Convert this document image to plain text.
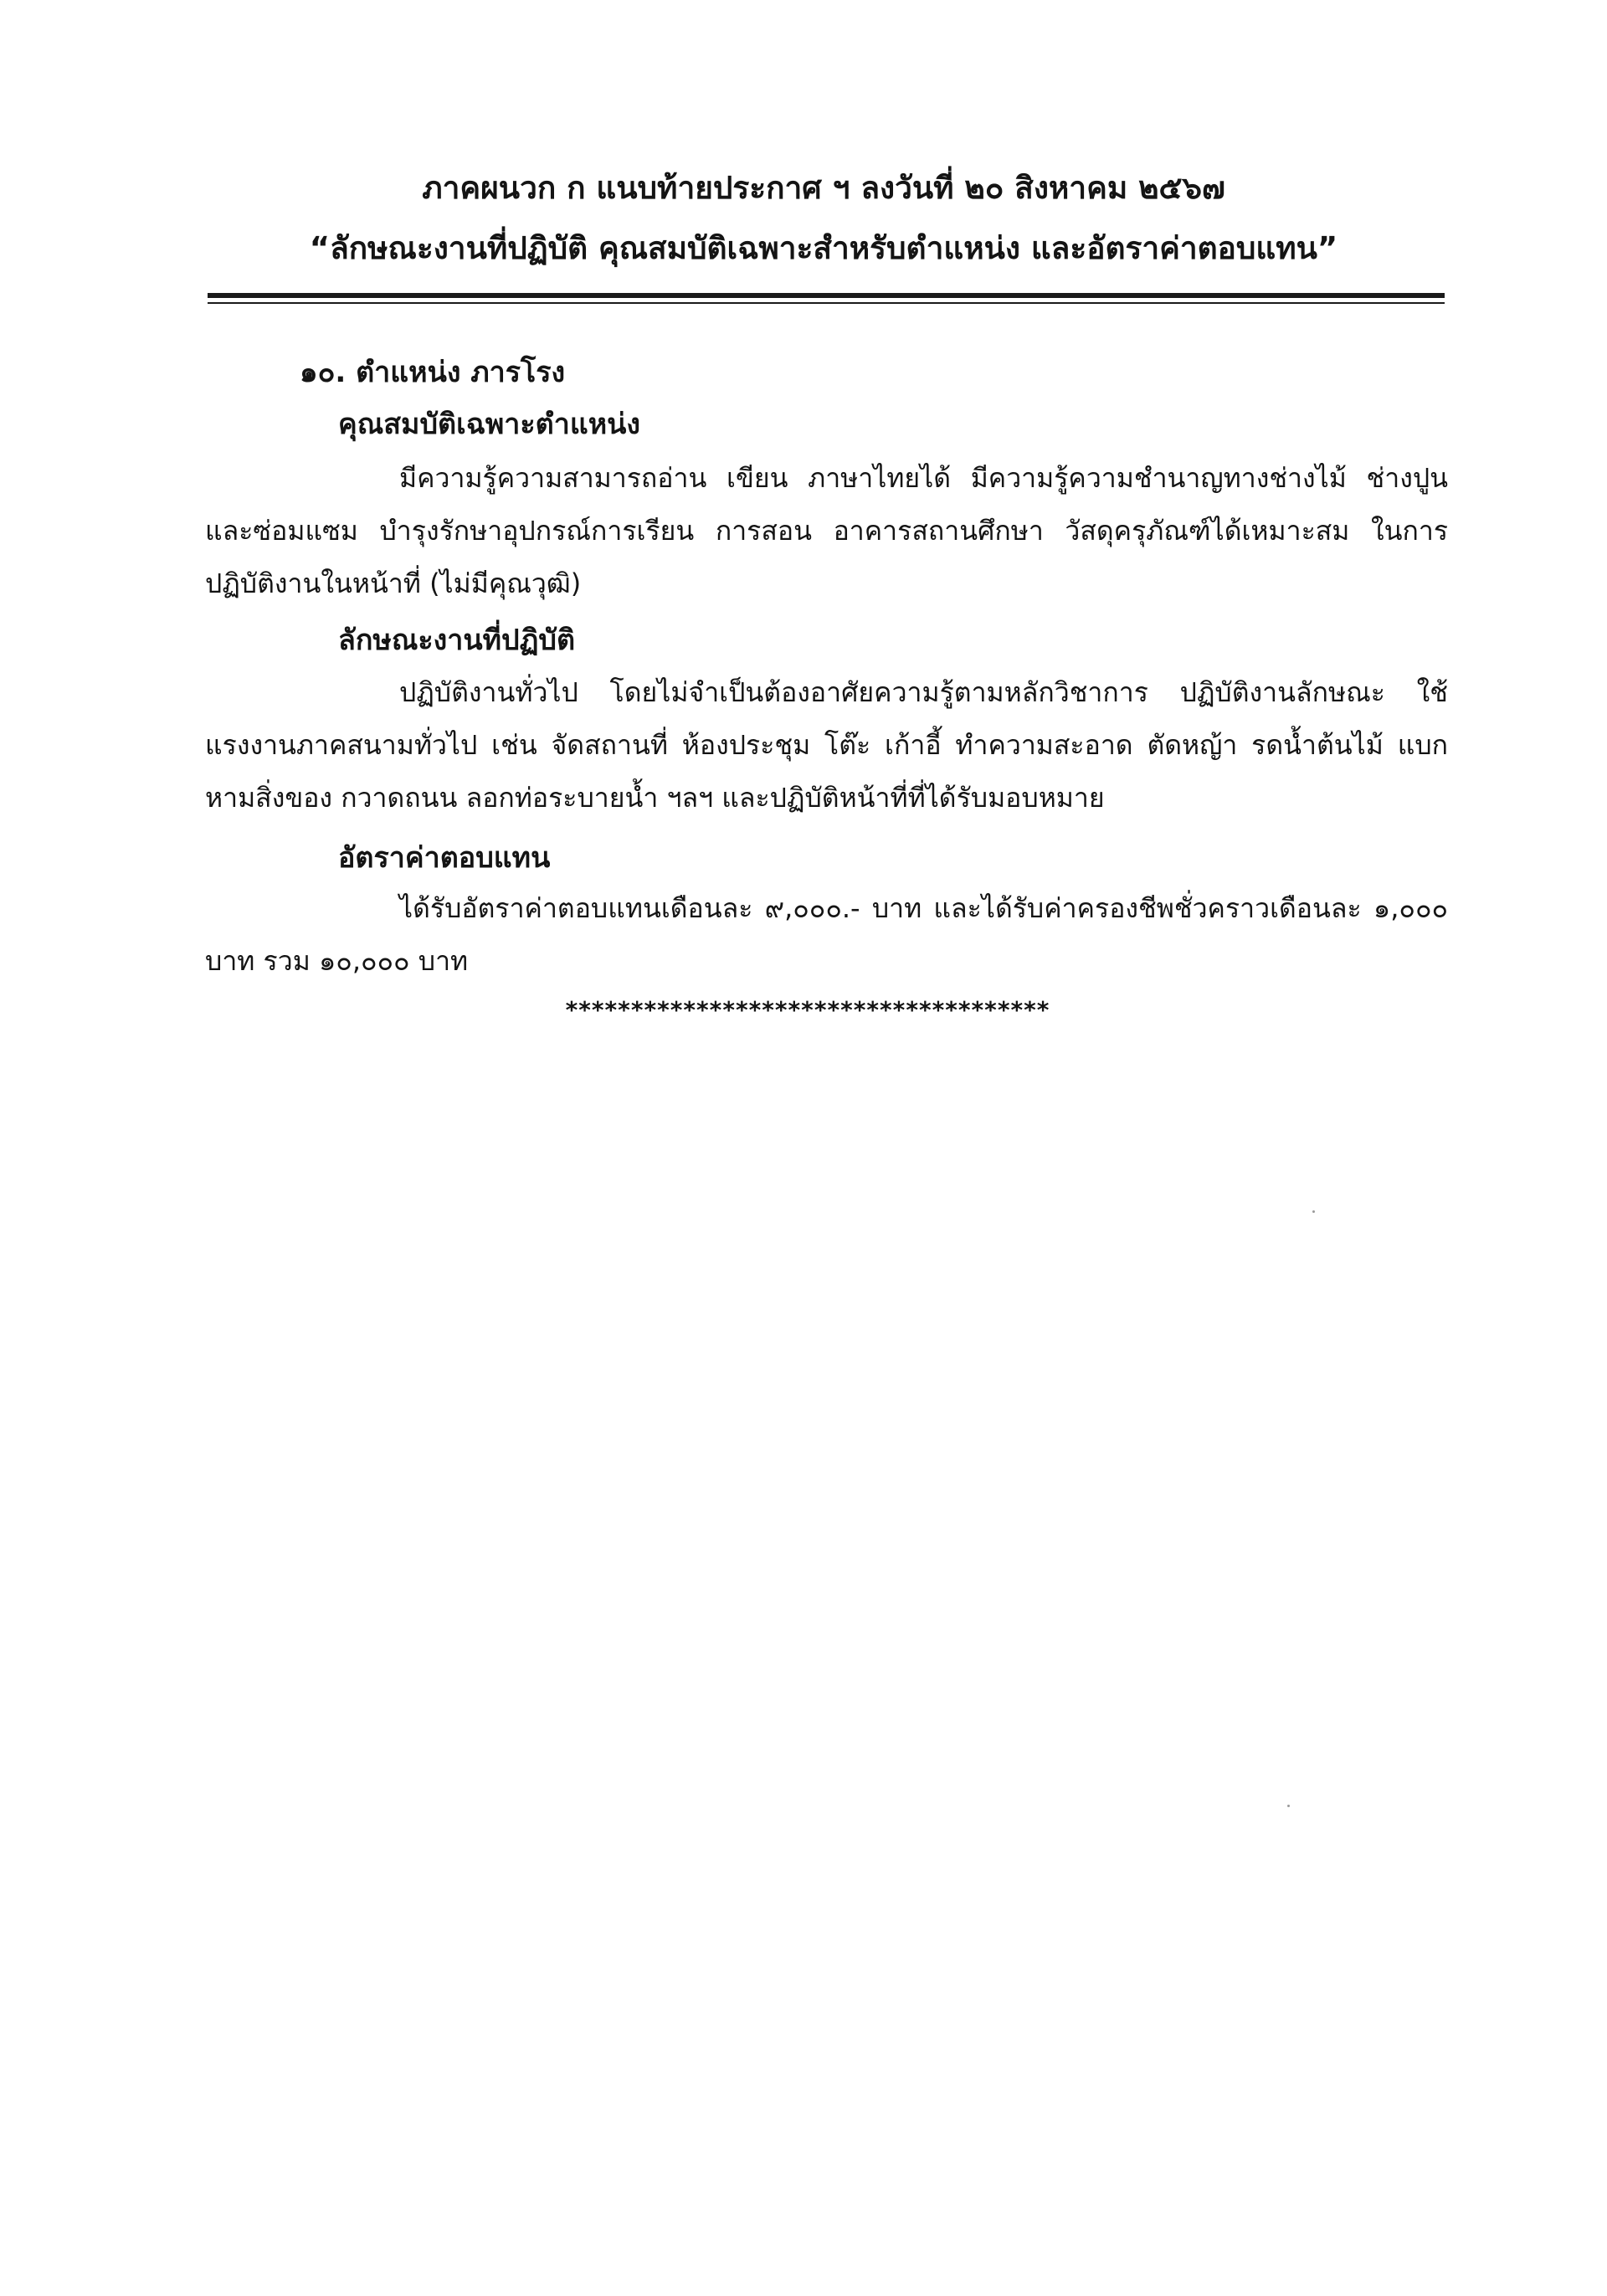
ภาคผนวก ก แนบท้ายประกาศ ฯ ลงวันที่ ๒๐ สิงหาคม ๒๕๖๗
“ลักษณะงานที่ปฏิบัติ คุณสมบัติเฉพาะสำหรับตำแหน่ง และอัตราค่าตอบแทน”
๑๐. ตำแหน่ง ภารโรง
คุณสมบัติเฉพาะตำแหน่ง
มีความรู้ความสามารถอ่าน เขียน ภาษาไทยได้ มีความรู้ความชำนาญทางช่างไม้ ช่างปูน และซ่อมแซม บำรุงรักษาอุปกรณ์การเรียน การสอน อาคารสถานศึกษา วัสดุครุภัณฑ์ได้เหมาะสม ในการปฏิบัติงานในหน้าที่ (ไม่มีคุณวุฒิ)
ลักษณะงานที่ปฏิบัติ
ปฏิบัติงานทั่วไป โดยไม่จำเป็นต้องอาศัยความรู้ตามหลักวิชาการ ปฏิบัติงานลักษณะ ใช้แรงงานภาคสนามทั่วไป เช่น จัดสถานที่ ห้องประชุม โต๊ะ เก้าอี้ ทำความสะอาด ตัดหญ้า รดน้ำต้นไม้ แบกหามสิ่งของ กวาดถนน ลอกท่อระบายน้ำ ฯลฯ และปฏิบัติหน้าที่ที่ได้รับมอบหมาย
อัตราค่าตอบแทน
ได้รับอัตราค่าตอบแทนเดือนละ ๙,๐๐๐.- บาท และได้รับค่าครองชีพชั่วคราวเดือนละ ๑,๐๐๐ บาท รวม ๑๐,๐๐๐ บาท
*************************************
